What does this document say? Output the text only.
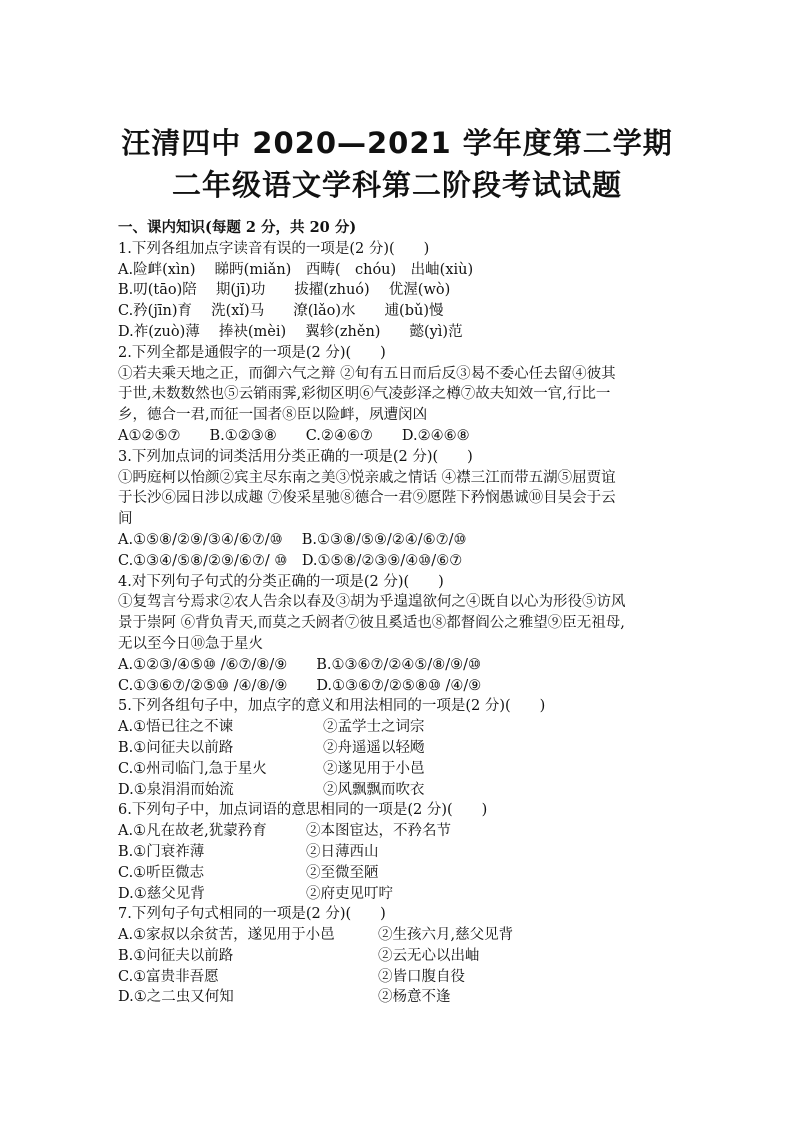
汪清四中 2020—2021 学年度第二学期
二年级语文学科第二阶段考试试题
一、课内知识(每题 2 分，共 20 分)
1.下列各组加点字读音有误的一项是(2 分)(　　)
A.险衅(xìn)　 睇眄(miǎn)　西畴(　chóu)　出岫(xiù)
B.叨(tāo)陪　 期(jī)功　　拔擢(zhuó)　 优渥(wò)
C.矜(jīn)育　 洗(xǐ)马　　潦(lǎo)水　　逋(bǔ)慢
D.祚(zuò)薄　 捧袂(mèi)　 翼轸(zhěn)　　懿(yì)范
2.下列全都是通假字的一项是(2 分)(　　)
①若夫乘天地之正，而御六气之辩 ②旬有五日而后反③曷不委心任去留④彼其
于世,未数数然也⑤云销雨霁,彩彻区明⑥气凌彭泽之樽⑦故夫知效一官,行比一
乡，德合一君,而征一国者⑧臣以险衅，夙遭闵凶
A①②⑤⑦　　B.①②③⑧　　C.②④⑥⑦　　D.②④⑥⑧
3.下列加点词的词类活用分类正确的一项是(2 分)(　　)
①眄庭柯以怡颜②宾主尽东南之美③悦亲戚之情话 ④襟三江而带五湖⑤屈贾谊
于长沙⑥园日涉以成趣 ⑦俊采星驰⑧德合一君⑨愿陛下矜悯愚诚⑩目吴会于云
间
A.①⑤⑧/②⑨/③④/⑥⑦/⑩　 B.①③⑧/⑤⑨/②④/⑥⑦/⑩
C.①③④/⑤⑧/②⑨/⑥⑦/ ⑩　D.①⑤⑧/②③⑨/④⑩/⑥⑦
4.对下列句子句式的分类正确的一项是(2 分)(　　)
①复驾言兮焉求②农人告余以春及③胡为乎遑遑欲何之④既自以心为形役⑤访风
景于崇阿 ⑥背负青天,而莫之夭阏者⑦彼且奚适也⑧都督阎公之雅望⑨臣无祖母,
无以至今日⑩急于星火
A.①②③/④⑤⑩ /⑥⑦/⑧/⑨　　B.①③⑥⑦/②④⑤/⑧/⑨/⑩
C.①③⑥⑦/②⑤⑩ /④/⑧/⑨　　D.①③⑥⑦/②⑤⑧⑩ /④/⑨
5.下列各组句子中，加点字的意义和用法相同的一项是(2 分)(　　)
A.①悟已往之不谏	②孟学士之词宗
B.①问征夫以前路	②舟遥遥以轻飏
C.①州司临门,急于星火	②遂见用于小邑
D.①泉涓涓而始流	②风飘飘而吹衣
6.下列句子中，加点词语的意思相同的一项是(2 分)(　　)
A.①凡在故老,犹蒙矜育	②本图宦达，不矜名节
B.①门衰祚薄	②日薄西山
C.①听臣微志	②至微至陋
D.①慈父见背	②府吏见叮咛
7.下列句子句式相同的一项是(2 分)(　　)
A.①家叔以余贫苦，遂见用于小邑	②生孩六月,慈父见背
B.①问征夫以前路	②云无心以出岫
C.①富贵非吾愿	②皆口腹自役
D.①之二虫又何知	②杨意不逢
